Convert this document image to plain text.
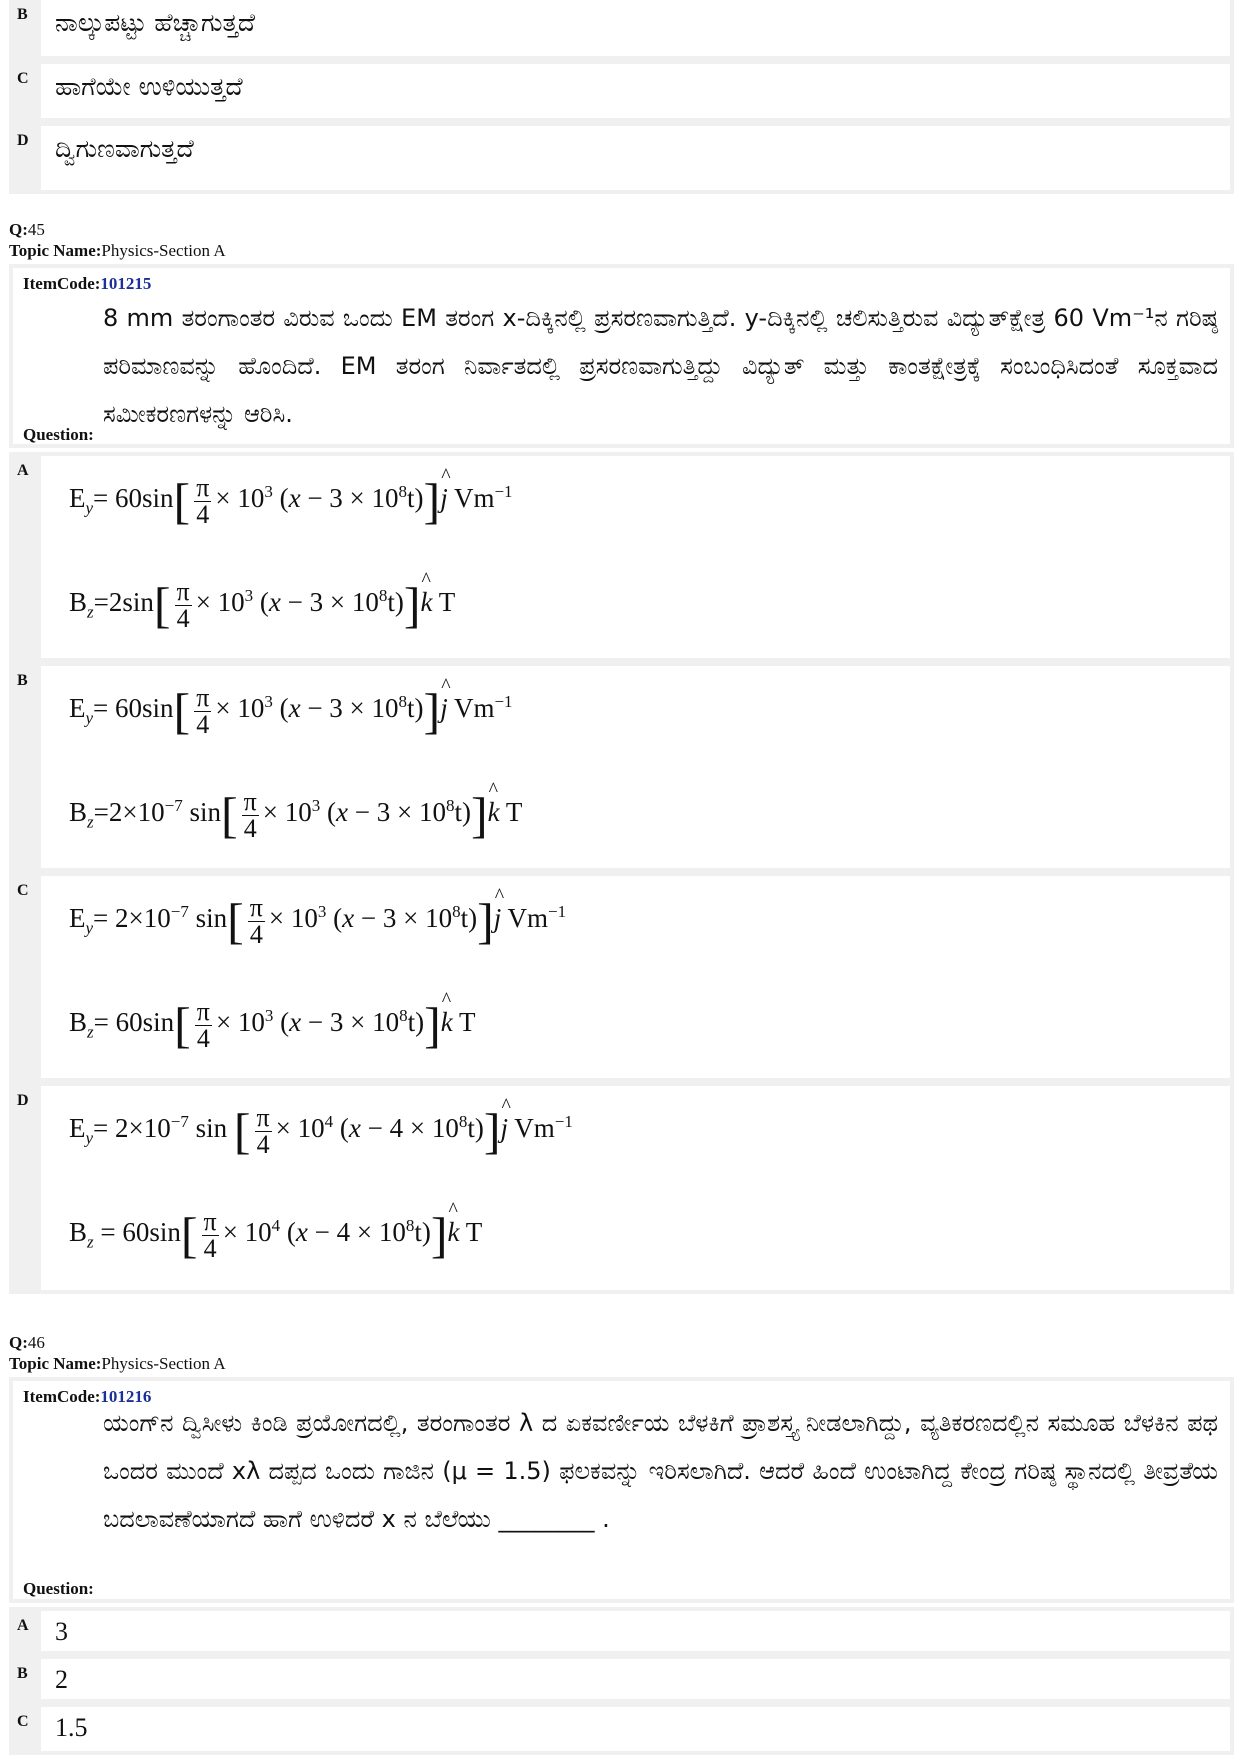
B	ನಾಲ್ಕುಪಟ್ಟು ಹೆಚ್ಚಾಗುತ್ತದೆ
C	ಹಾಗೆಯೇ ಉಳಿಯುತ್ತದೆ
D	ದ್ವಿಗುಣವಾಗುತ್ತದೆ
Q:45
Topic Name:Physics-Section A
ItemCode:101215
8 mm ತರಂಗಾಂತರ ವಿರುವ ಒಂದು EM ತರಂಗ x-ದಿಕ್ಕಿನಲ್ಲಿ ಪ್ರಸರಣವಾಗುತ್ತಿದೆ. y-ದಿಕ್ಕಿನಲ್ಲಿ ಚಲಿಸುತ್ತಿರುವ ವಿದ್ಯುತ್‌ಕ್ಷೇತ್ರ 60 Vm⁻¹ನ ಗರಿಷ್ಠ ಪರಿಮಾಣವನ್ನು ಹೊಂದಿದೆ. EM ತರಂಗ ನಿರ್ವಾತದಲ್ಲಿ ಪ್ರಸರಣವಾಗುತ್ತಿದ್ದು ವಿದ್ಯುತ್ ಮತ್ತು ಕಾಂತಕ್ಷೇತ್ರಕ್ಕೆ ಸಂಬಂಧಿಸಿದಂತೆ ಸೂಕ್ತವಾದ ಸಮೀಕರಣಗಳನ್ನು ಆರಿಸಿ.
Question:
A
$E_y= 60\sin[ \frac{\pi}{4} \times 10^3$ $(x - 3 \times 10^8t)]\^{}$ j $Vm^{-1}$
$B_z=2\sin[ \frac{\pi}{4} \times 10^3$ $(x - 3 \times 10^8t)]\^{}$ k T
B
$E_y= 60\sin[ \frac{\pi}{4} \times 10^3$ $(x - 3 \times 10^8t)]\^{}$ j $Vm^{-1}$
$B_z=2\times 10^{-7}$ $\sin[ \frac{\pi}{4} \times 10^3$ $(x - 3 \times 10^8t)]\^{}$ k T
C
$E_y= 2\times 10^{-7}$ $\sin[ \frac{\pi}{4} \times 10^3$ $(x - 3 \times 10^8t)]\^{}$ j $Vm^{-1}$
$B_z= 60\sin[ \frac{\pi}{4} \times 10^3$ $(x - 3 \times 10^8t)]\^{}$ k T
D
$E_y= 2\times 10^{-7}$ sin [ $\frac{\pi}{4} \times 10^4$ $(x - 4 \times 10^8t)]\^{}$ j $Vm^{-1}$
$B_z = 60\sin[ \frac{\pi}{4} \times 10^4$ $(x - 4 \times 10^8t)]\^{}$ k T
Q:46
Topic Name:Physics-Section A
ItemCode:101216
ಯಂಗ್‌ನ ದ್ವಿಸೀಳು ಕಿಂಡಿ ಪ್ರಯೋಗದಲ್ಲಿ, ತರಂಗಾಂತರ λ ದ ಏಕವರ್ಣೀಯ ಬೆಳಕಿಗೆ ಪ್ರಾಶಸ್ತ್ಯ ನೀಡಲಾಗಿದ್ದು, ವ್ಯತಿಕರಣದಲ್ಲಿನ ಸಮೂಹ ಬೆಳಕಿನ ಪಥ ಒಂದರ ಮುಂದೆ xλ ದಪ್ಪದ ಒಂದು ಗಾಜಿನ (μ = 1.5) ಫಲಕವನ್ನು ಇರಿಸಲಾಗಿದೆ. ಆದರೆ ಹಿಂದೆ ಉಂಟಾಗಿದ್ದ ಕೇಂದ್ರ ಗರಿಷ್ಠ ಸ್ಥಾನದಲ್ಲಿ ತೀವ್ರತೆಯ ಬದಲಾವಣೆಯಾಗದೆ ಹಾಗೆ ಉಳಿದರೆ x ನ ಬೆಲೆಯು ________ .
Question:
A	3
B	2
C	1.5
